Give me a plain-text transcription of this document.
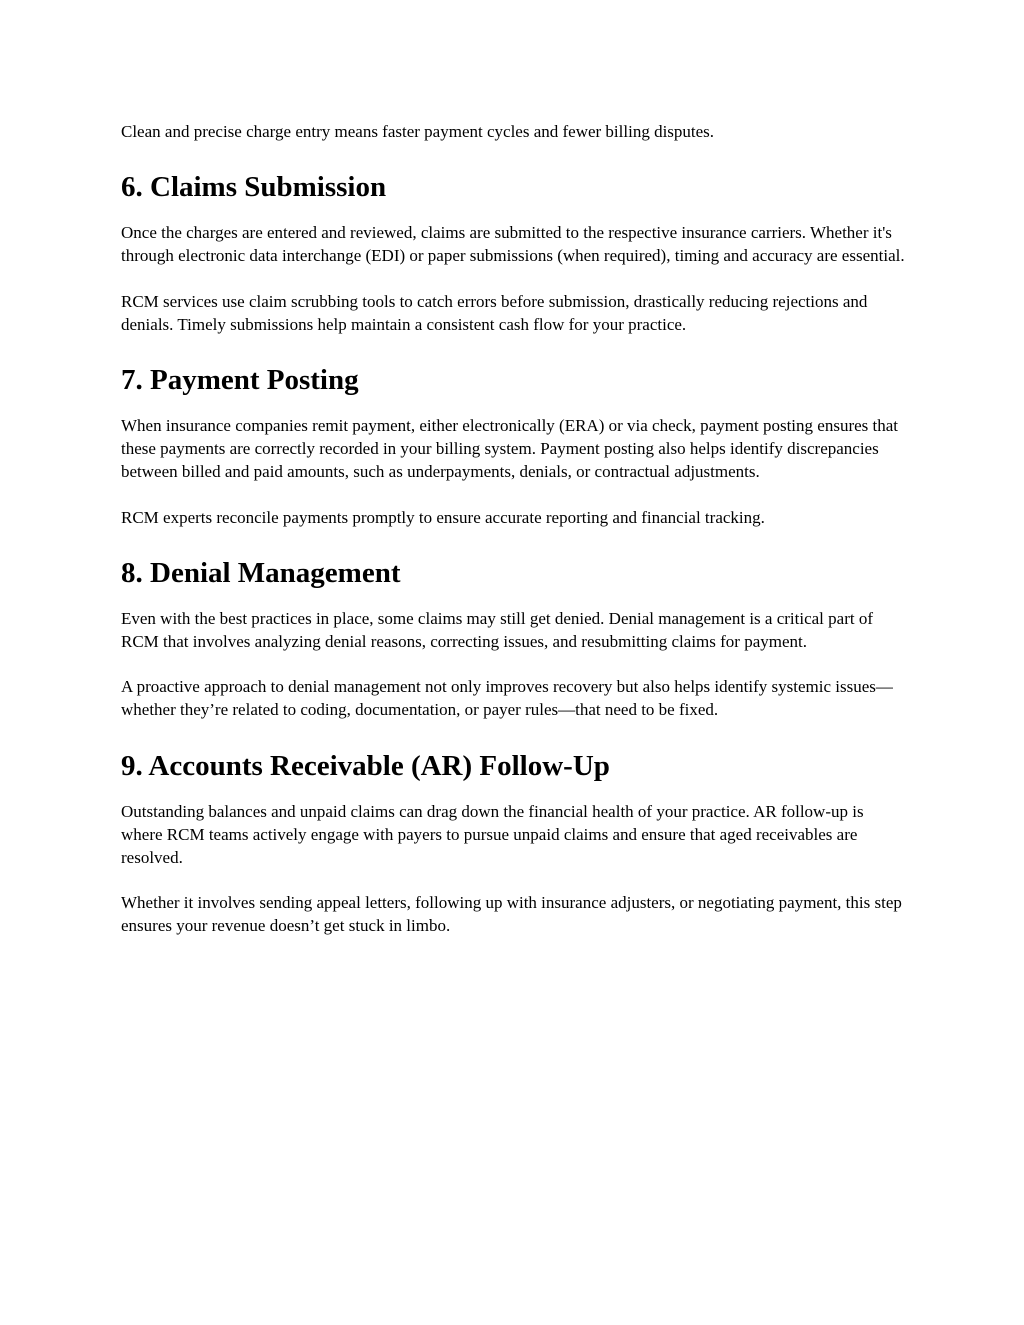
Clean and precise charge entry means faster payment cycles and fewer billing disputes.

6. Claims Submission

Once the charges are entered and reviewed, claims are submitted to the respective insurance carriers. Whether it's through electronic data interchange (EDI) or paper submissions (when required), timing and accuracy are essential.

RCM services use claim scrubbing tools to catch errors before submission, drastically reducing rejections and denials. Timely submissions help maintain a consistent cash flow for your practice.

7. Payment Posting

When insurance companies remit payment, either electronically (ERA) or via check, payment posting ensures that these payments are correctly recorded in your billing system. Payment posting also helps identify discrepancies between billed and paid amounts, such as underpayments, denials, or contractual adjustments.

RCM experts reconcile payments promptly to ensure accurate reporting and financial tracking.

8. Denial Management

Even with the best practices in place, some claims may still get denied. Denial management is a critical part of RCM that involves analyzing denial reasons, correcting issues, and resubmitting claims for payment.

A proactive approach to denial management not only improves recovery but also helps identify systemic issues—whether they’re related to coding, documentation, or payer rules—that need to be fixed.

9. Accounts Receivable (AR) Follow-Up

Outstanding balances and unpaid claims can drag down the financial health of your practice. AR follow-up is where RCM teams actively engage with payers to pursue unpaid claims and ensure that aged receivables are resolved.

Whether it involves sending appeal letters, following up with insurance adjusters, or negotiating payment, this step ensures your revenue doesn’t get stuck in limbo.
